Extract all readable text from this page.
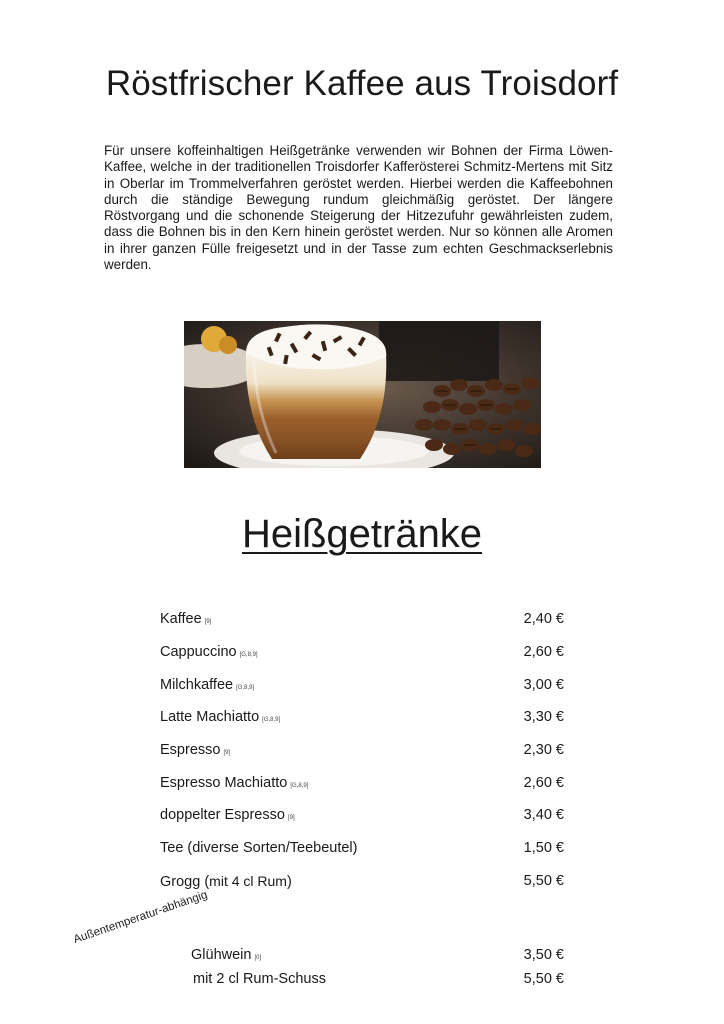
Röstfrischer Kaffee aus Troisdorf

Für unsere koffeinhaltigen Heißgetränke verwenden wir Bohnen der Firma Löwen-Kaffee, welche in der traditionellen Troisdorfer Kafferösterei Schmitz-Mertens mit Sitz in Oberlar im Trommelverfahren geröstet werden. Hierbei werden die Kaffeebohnen durch die ständige Bewegung rundum gleichmäßig geröstet. Der längere Röstvorgang und die schonende Steigerung der Hitzezufuhr gewährleisten zudem, dass die Bohnen bis in den Kern hinein geröstet werden. Nur so können alle Aromen in ihrer ganzen Fülle freigesetzt und in der Tasse zum echten Geschmackserlebnis werden.

Heißgetränke
Kaffee [9]	2,40 €
Cappuccino [G,8,9]	2,60 €
Milchkaffee [G,8,9]	3,00 €
Latte Machiatto [G,8,9]	3,30 €
Espresso [9]	2,30 €
Espresso Machiatto [G,8,9]	2,60 €
doppelter Espresso [9]	3,40 €
Tee (diverse Sorten/Teebeutel)	1,50 €
Grogg (mit 4 cl Rum)	5,50 €
Außentemperatur-abhängig
Glühwein [0]	3,50 €
mit 2 cl Rum-Schuss	5,50 €
